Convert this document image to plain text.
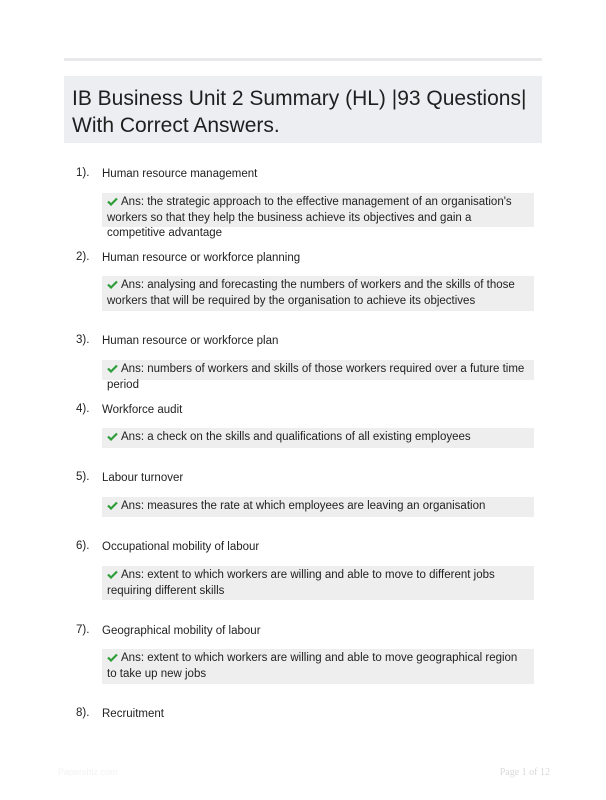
IB Business Unit 2 Summary (HL) |93 Questions| With Correct Answers.
1). Human resource management
Ans: the strategic approach to the effective management of an organisation's workers so that they help the business achieve its objectives and gain a competitive advantage
2). Human resource or workforce planning
Ans: analysing and forecasting the numbers of workers and the skills of those workers that will be required by the organisation to achieve its objectives
3). Human resource or workforce plan
Ans: numbers of workers and skills of those workers required over a future time period
4). Workforce audit
Ans: a check on the skills and qualifications of all existing employees
5). Labour turnover
Ans: measures the rate at which employees are leaving an organisation
6). Occupational mobility of labour
Ans: extent to which workers are willing and able to move to different jobs requiring different skills
7). Geographical mobility of labour
Ans: extent to which workers are willing and able to move geographical region to take up new jobs
8). Recruitment
Papersbiz.com	Page 1 of 12
